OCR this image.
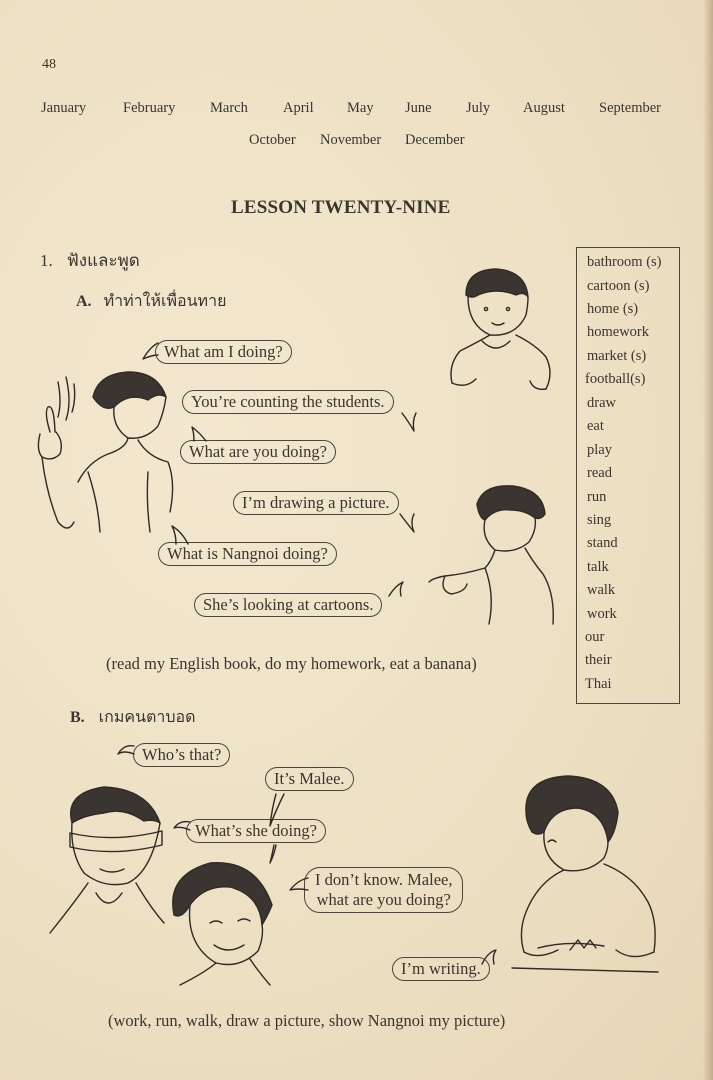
48
January	February March April May June July August September
October November December
LESSON TWENTY-NINE
1. ฟังและพูด
A. ทำท่าให้เพื่อนทาย
What am I doing?
You’re counting the students.
What are you doing?
I’m drawing a picture.
What is Nangnoi doing?
She’s looking at cartoons.
(read my English book, do my homework, eat a banana)
bathroom (s)
cartoon (s)
home (s)
homework
market (s)
football(s)
draw
eat
play
read
run
sing
stand
talk
walk
work
our
their
Thai
B. เกมคนตาบอด
Who’s that?
It’s Malee.
What’s she doing?
I don’t know. Malee,
what are you doing?
I’m writing.
(work, run, walk, draw a picture, show Nangnoi my picture)
